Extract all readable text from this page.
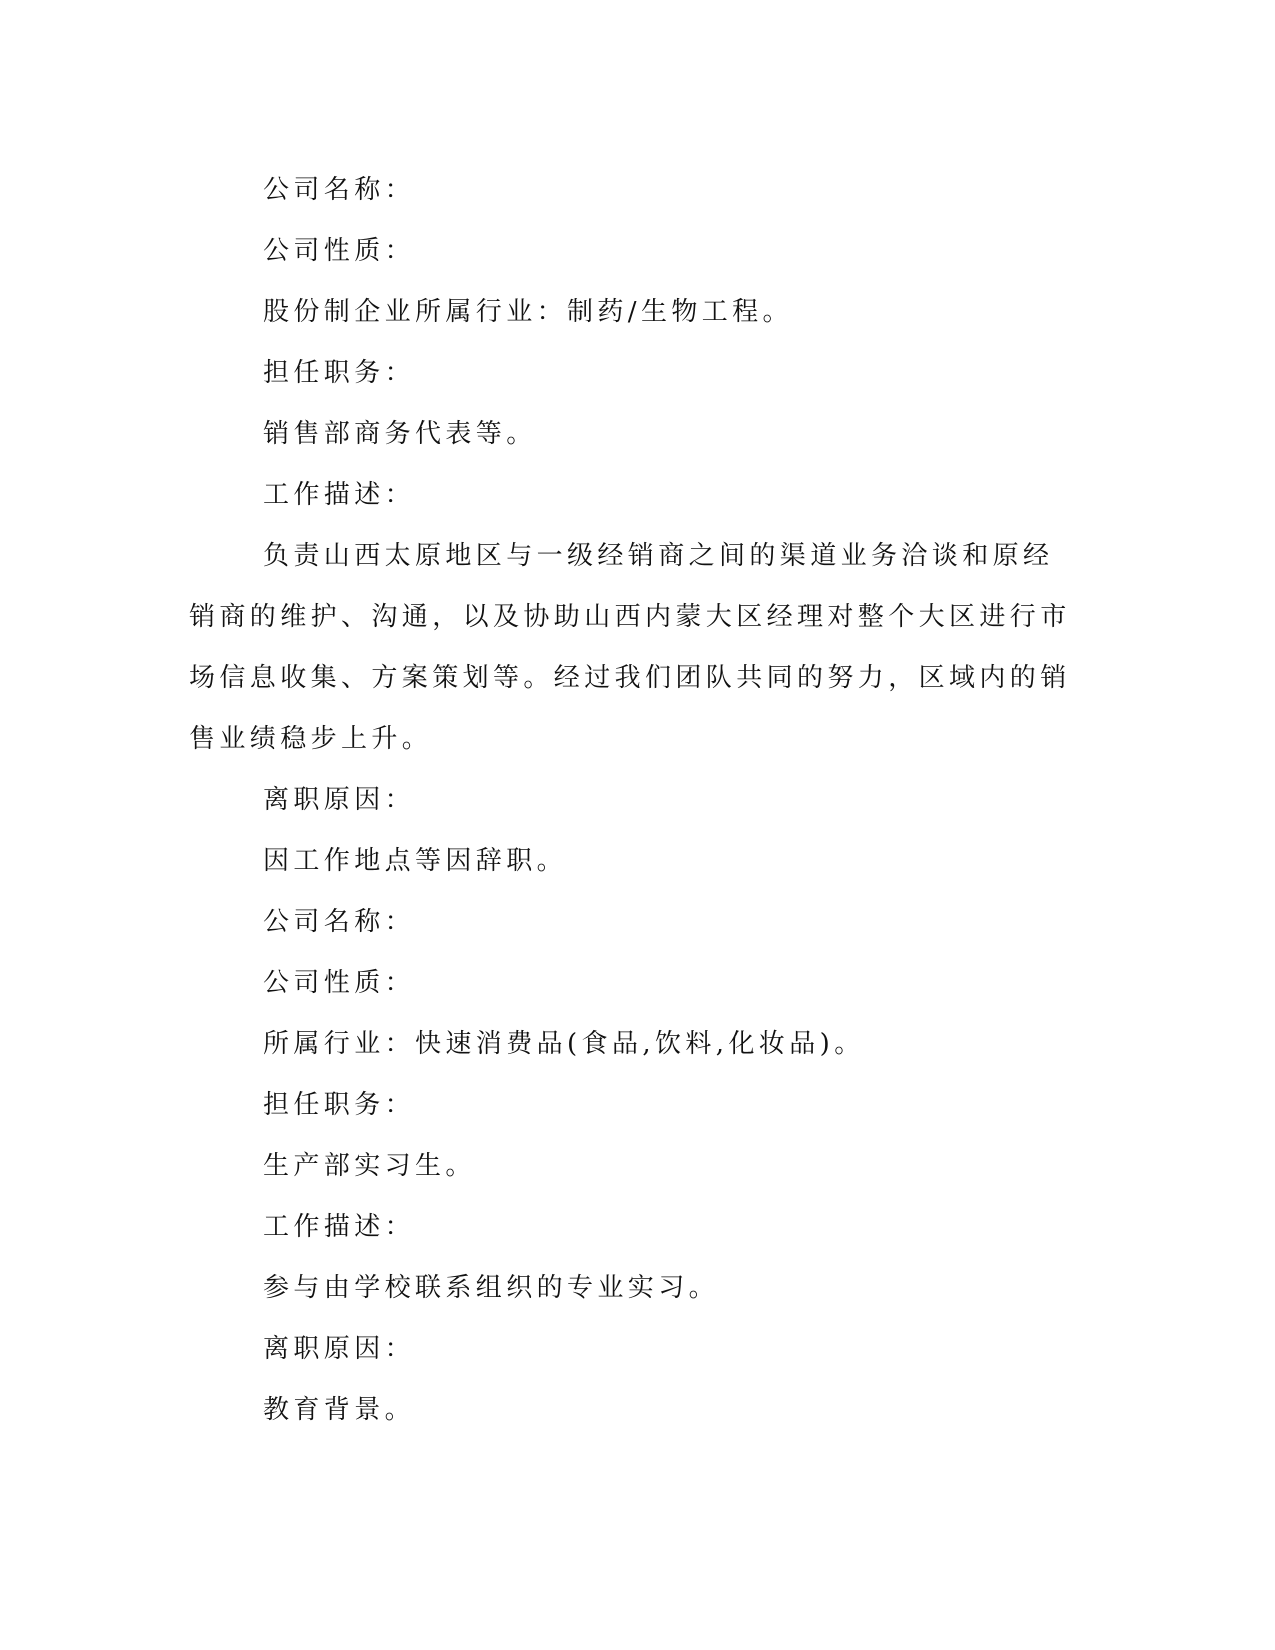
公司名称：

公司性质：

股份制企业所属行业：制药/生物工程。

担任职务：

销售部商务代表等。

工作描述：

负责山西太原地区与一级经销商之间的渠道业务洽谈和原经销商的维护、沟通，以及协助山西内蒙大区经理对整个大区进行市场信息收集、方案策划等。经过我们团队共同的努力，区域内的销售业绩稳步上升。

离职原因：

因工作地点等因辞职。

公司名称：

公司性质：

所属行业：快速消费品(食品,饮料,化妆品)。

担任职务：

生产部实习生。

工作描述：

参与由学校联系组织的专业实习。

离职原因：

教育背景。
